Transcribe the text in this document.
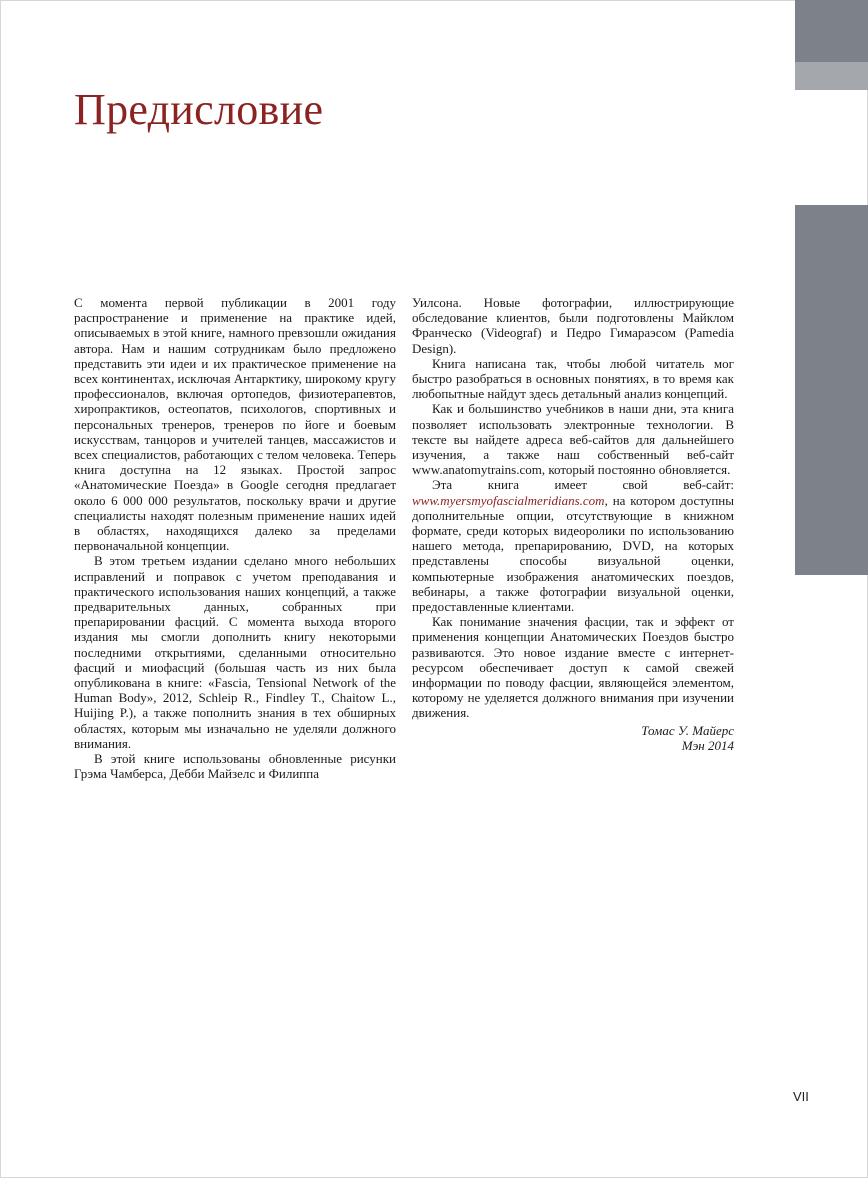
Предисловие

С момента первой публикации в 2001 году распространение и применение на практике идей, описываемых в этой книге, намного превзошли ожидания автора. Нам и нашим сотрудникам было предложено представить эти идеи и их практическое применение на всех континентах, исключая Антарктику, широкому кругу профессионалов, включая ортопедов, физиотерапевтов, хиропрактиков, остеопатов, психологов, спортивных и персональных тренеров, тренеров по йоге и боевым искусствам, танцоров и учителей танцев, массажистов и всех специалистов, работающих с телом человека. Теперь книга доступна на 12 языках. Простой запрос «Анатомические Поезда» в Google сегодня предлагает около 6 000 000 результатов, поскольку врачи и другие специалисты находят полезным применение наших идей в областях, находящихся далеко за пределами первоначальной концепции.

В этом третьем издании сделано много небольших исправлений и поправок с учетом преподавания и практического использования наших концепций, а также предварительных данных, собранных при препарировании фасций. С момента выхода второго издания мы смогли дополнить книгу некоторыми последними открытиями, сделанными относительно фасций и миофасций (большая часть из них была опубликована в книге: «Fascia, Tensional Network of the Human Body», 2012, Schleip R., Findley T., Chaitow L., Huijing P.), а также пополнить знания в тех обширных областях, которым мы изначально не уделяли должного внимания.

В этой книге использованы обновленные рисунки Грэма Чамберса, Дебби Майзелс и Филиппа

Уилсона. Новые фотографии, иллюстрирующие обследование клиентов, были подготовлены Майклом Франческо (Videograf) и Педро Гимараэсом (Pamedia Design).

Книга написана так, чтобы любой читатель мог быстро разобраться в основных понятиях, в то время как любопытные найдут здесь детальный анализ концепций.

Как и большинство учебников в наши дни, эта книга позволяет использовать электронные технологии. В тексте вы найдете адреса веб-сайтов для дальнейшего изучения, а также наш собственный веб-сайт www.anatomytrains.com, который постоянно обновляется.

Эта книга имеет свой веб-сайт: www.myersmyofascialmeridians.com, на котором доступны дополнительные опции, отсутствующие в книжном формате, среди которых видеоролики по использованию нашего метода, препарированию, DVD, на которых представлены способы визуальной оценки, компьютерные изображения анатомических поездов, вебинары, а также фотографии визуальной оценки, предоставленные клиентами.

Как понимание значения фасции, так и эффект от применения концепции Анатомических Поездов быстро развиваются. Это новое издание вместе с интернет-ресурсом обеспечивает доступ к самой свежей информации по поводу фасции, являющейся элементом, которому не уделяется должного внимания при изучении движения.

Томас У. Майерс
Мэн 2014
VII
